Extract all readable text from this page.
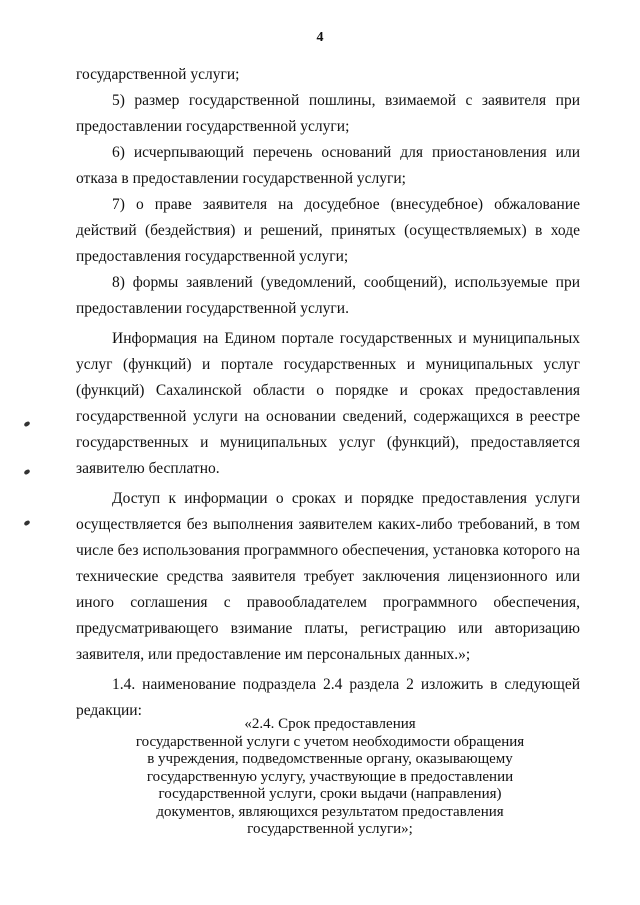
4
государственной услуги;
5) размер государственной пошлины, взимаемой с заявителя при
предоставлении государственной услуги;
6) исчерпывающий перечень оснований для приостановления или
отказа в предоставлении государственной услуги;
7) о праве заявителя на досудебное (внесудебное) обжалование
действий (бездействия) и решений, принятых (осуществляемых) в ходе
предоставления государственной услуги;
8) формы заявлений (уведомлений, сообщений), используемые при
предоставлении государственной услуги.
Информация на Едином портале государственных и муниципальных
услуг (функций) и портале государственных и муниципальных услуг
(функций) Сахалинской области о порядке и сроках предоставления
государственной услуги на основании сведений, содержащихся в реестре
государственных и муниципальных услуг (функций), предоставляется
заявителю бесплатно.
Доступ к информации о сроках и порядке предоставления услуги
осуществляется без выполнения заявителем каких-либо требований, в том
числе без использования программного обеспечения, установка которого на
технические средства заявителя требует заключения лицензионного или
иного соглашения с правообладателем программного обеспечения,
предусматривающего взимание платы, регистрацию или авторизацию
заявителя, или предоставление им персональных данных.»;
1.4. наименование подраздела 2.4 раздела 2 изложить в следующей
редакции:
«2.4. Срок предоставления
государственной услуги с учетом необходимости обращения
в учреждения, подведомственные органу, оказывающему
государственную услугу, участвующие в предоставлении
государственной услуги, сроки выдачи (направления)
документов, являющихся результатом предоставления
государственной услуги»;
